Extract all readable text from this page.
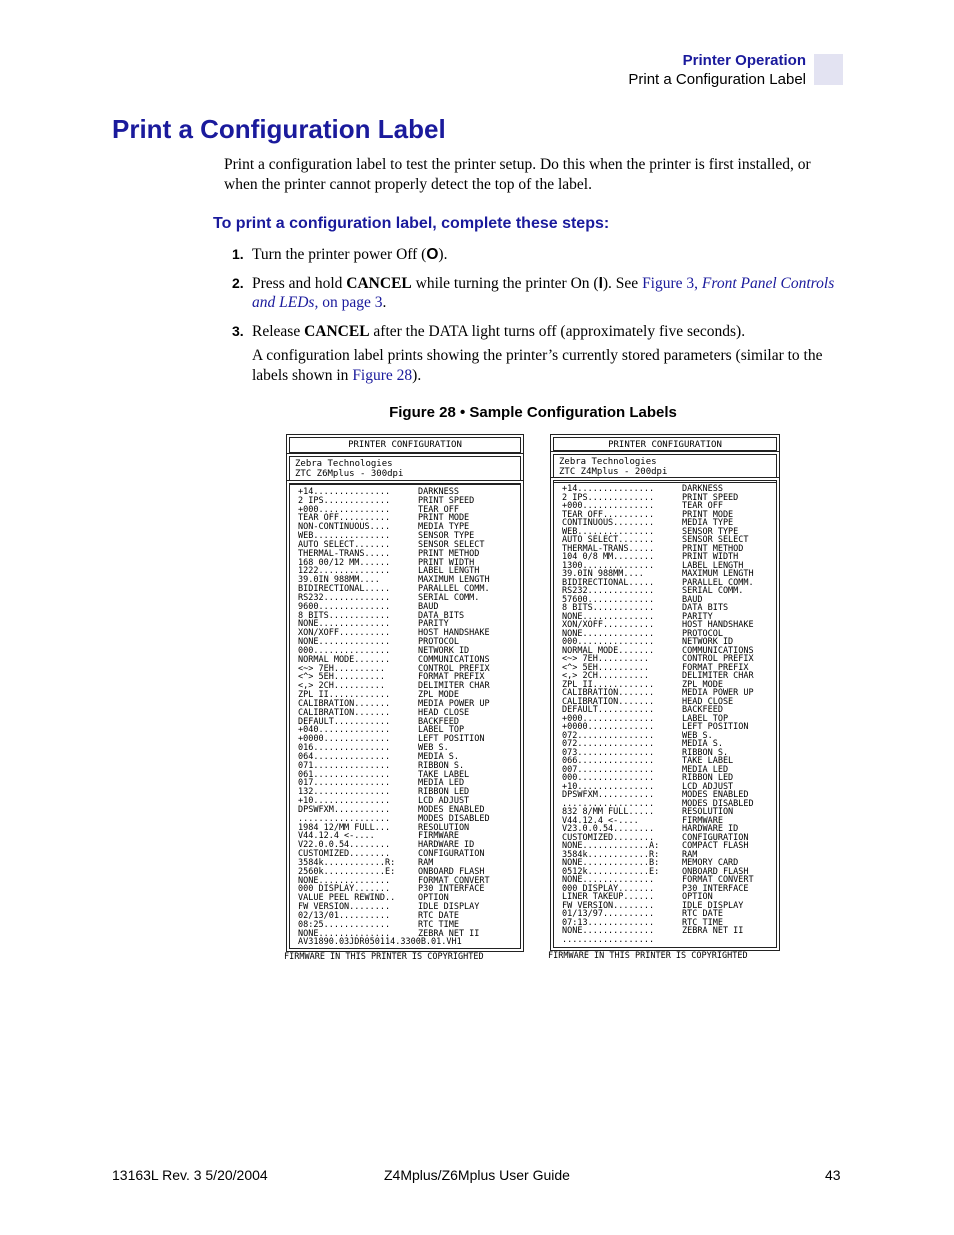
Printer Operation
Print a Configuration Label
Print a Configuration Label
Print a configuration label to test the printer setup. Do this when the printer is first installed, or when the printer cannot properly detect the top of the label.
To print a configuration label, complete these steps:
1. Turn the printer power Off (O).
2. Press and hold CANCEL while turning the printer On (I). See Figure 3, Front Panel Controls and LEDs, on page 3.
3. Release CANCEL after the DATA light turns off (approximately five seconds).
A configuration label prints showing the printer’s currently stored parameters (similar to the labels shown in Figure 28).
Figure 28 • Sample Configuration Labels
PRINTER CONFIGURATION
Zebra Technologies
ZTC Z6Mplus - 300dpi
+14...............	DARKNESS
2 IPS.............	PRINT SPEED
+000..............	TEAR OFF
TEAR OFF..........	PRINT MODE
NON-CONTINUOUS....	MEDIA TYPE
WEB...............	SENSOR TYPE
AUTO SELECT.......	SENSOR SELECT
THERMAL-TRANS.....	PRINT METHOD
168 00/12 MM......	PRINT WIDTH
1222..............	LABEL LENGTH
39.0IN 988MM....	MAXIMUM LENGTH
BIDIRECTIONAL.....	PARALLEL COMM.
RS232.............	SERIAL COMM.
9600..............	BAUD
8 BITS............	DATA BITS
NONE..............	PARITY
XON/XOFF..........	HOST HANDSHAKE
NONE..............	PROTOCOL
000...............	NETWORK ID
NORMAL MODE.......	COMMUNICATIONS
<~> 7EH..........	CONTROL PREFIX
<^> 5EH..........	FORMAT PREFIX
<,> 2CH..........	DELIMITER CHAR
ZPL II............	ZPL MODE
CALIBRATION.......	MEDIA POWER UP
CALIBRATION.......	HEAD CLOSE
DEFAULT...........	BACKFEED
+040..............	LABEL TOP
+0000.............	LEFT POSITION
016...............	WEB S.
064...............	MEDIA S.
071...............	RIBBON S.
061...............	TAKE LABEL
017...............	MEDIA LED
132...............	RIBBON LED
+10...............	LCD ADJUST
DPSWFXM...........	MODES ENABLED
..................	MODES DISABLED
1984 12/MM FULL...	RESOLUTION
V44.12.4 <-....	FIRMWARE
V22.0.0.54........	HARDWARE ID
CUSTOMIZED........	CONFIGURATION
3584k............R:	RAM
2560k............E:	ONBOARD FLASH
NONE..............	FORMAT CONVERT
000 DISPLAY.......	P30 INTERFACE
VALUE PEEL REWIND..	OPTION
FW VERSION........	IDLE DISPLAY
02/13/01..........	RTC DATE
08:25.............	RTC TIME
NONE..............	ZEBRA NET II
AV31890.03JDR050114.3300B.01.VH1
FIRMWARE IN THIS PRINTER IS COPYRIGHTED
PRINTER CONFIGURATION
Zebra Technologies
ZTC Z4Mplus - 200dpi
+14...............	DARKNESS
2 IPS.............	PRINT SPEED
+000..............	TEAR OFF
TEAR OFF..........	PRINT MODE
CONTINUOUS........	MEDIA TYPE
WEB...............	SENSOR TYPE
AUTO SELECT.......	SENSOR SELECT
THERMAL-TRANS.....	PRINT METHOD
104 0/8 MM........	PRINT WIDTH
1300..............	LABEL LENGTH
39.0IN 988MM....	MAXIMUM LENGTH
BIDIRECTIONAL.....	PARALLEL COMM.
RS232.............	SERIAL COMM.
57600.............	BAUD
8 BITS............	DATA BITS
NONE..............	PARITY
XON/XOFF..........	HOST HANDSHAKE
NONE..............	PROTOCOL
000...............	NETWORK ID
NORMAL MODE.......	COMMUNICATIONS
<~> 7EH..........	CONTROL PREFIX
<^> 5EH..........	FORMAT PREFIX
<,> 2CH..........	DELIMITER CHAR
ZPL II............	ZPL MODE
CALIBRATION.......	MEDIA POWER UP
CALIBRATION.......	HEAD CLOSE
DEFAULT...........	BACKFEED
+000..............	LABEL TOP
+0000.............	LEFT POSITION
072...............	WEB S.
072...............	MEDIA S.
073...............	RIBBON S.
066...............	TAKE LABEL
007...............	MEDIA LED
000...............	RIBBON LED
+10...............	LCD ADJUST
DPSWFXM...........	MODES ENABLED
..................	MODES DISABLED
832 8/MM FULL.....	RESOLUTION
V44.12.4 <-....	FIRMWARE
V23.0.0.54........	HARDWARE ID
CUSTOMIZED........	CONFIGURATION
NONE.............A:	COMPACT FLASH
3584k............R:	RAM
NONE.............B:	MEMORY CARD
0512k............E:	ONBOARD FLASH
NONE..............	FORMAT CONVERT
000 DISPLAY.......	P30 INTERFACE
LINER TAKEUP......	OPTION
FW VERSION........	IDLE DISPLAY
01/13/97..........	RTC DATE
07:13.............	RTC TIME
NONE..............	ZEBRA NET II
..................
FIRMWARE IN THIS PRINTER IS COPYRIGHTED
13163L Rev. 3 5/20/2004	Z4Mplus/Z6Mplus User Guide	43
